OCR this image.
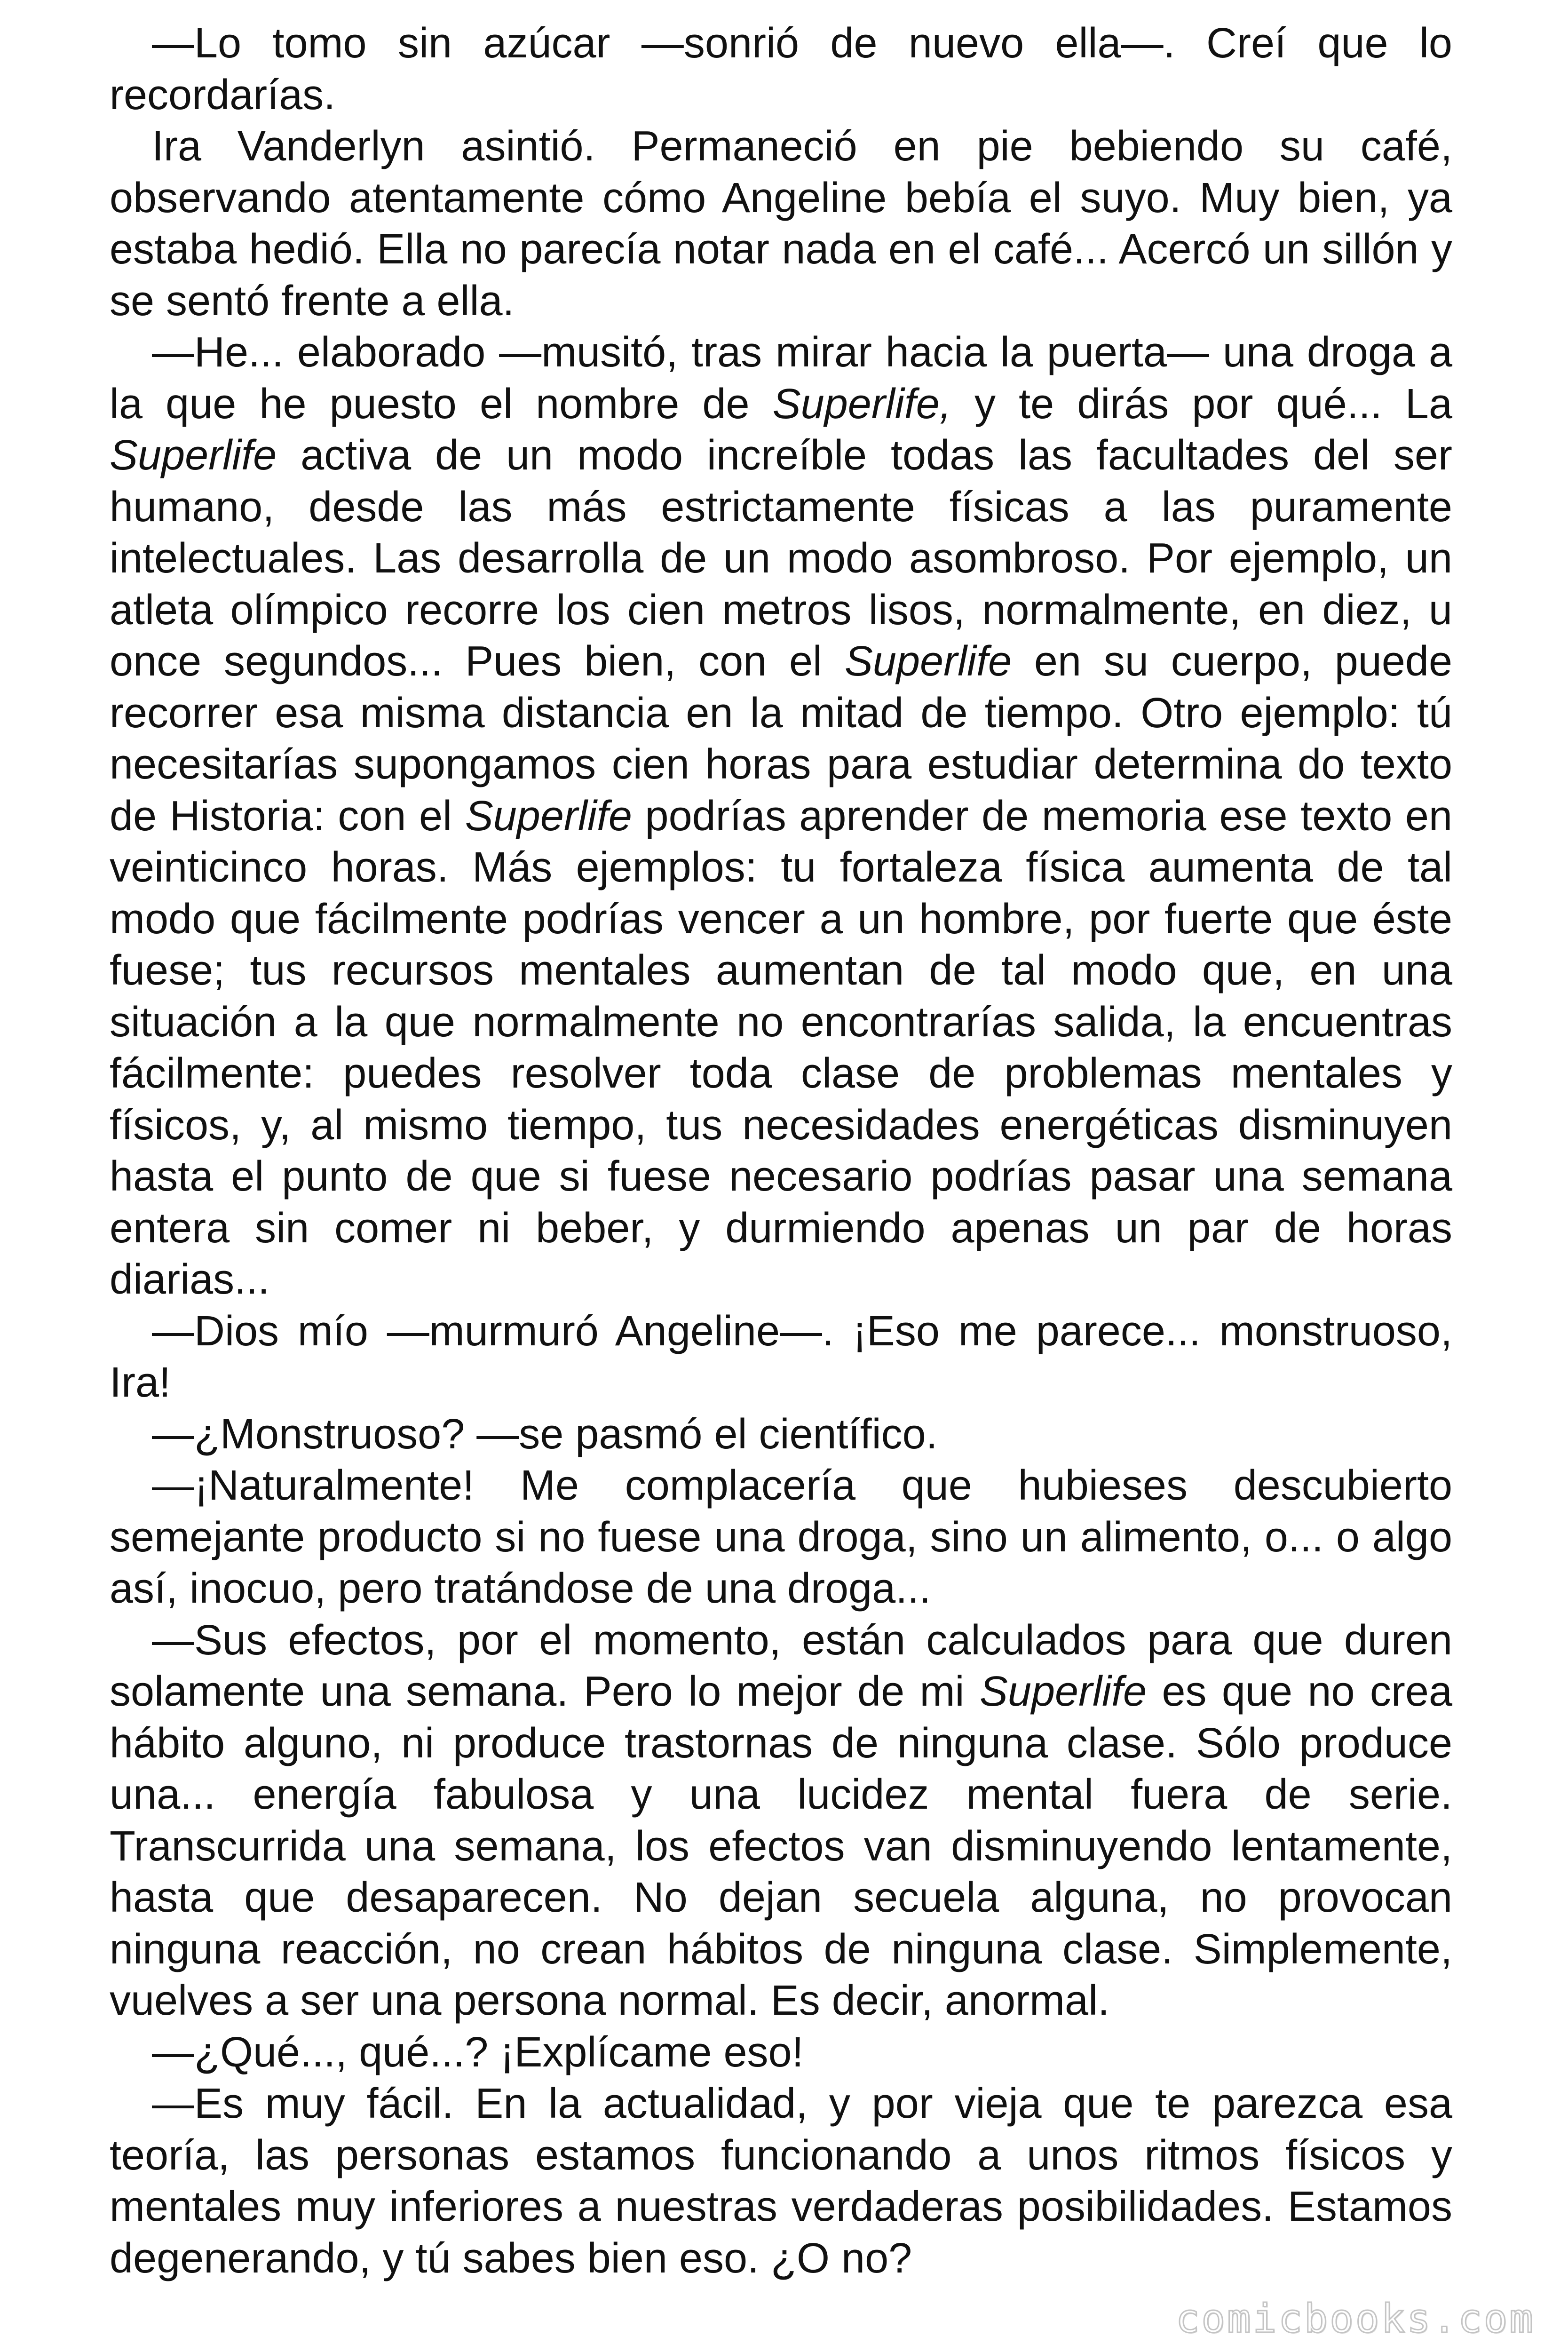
—Lo tomo sin azúcar —sonrió de nuevo ella—. Creí que lo recordarías.

Ira Vanderlyn asintió. Permaneció en pie bebiendo su café, observando atentamente cómo Angeline bebía el suyo. Muy bien, ya estaba hedió. Ella no parecía notar nada en el café... Acercó un sillón y se sentó frente a ella.

—He... elaborado —musitó, tras mirar hacia la puerta— una droga a la que he puesto el nombre de Superlife, y te dirás por qué... La Superlife activa de un modo increíble todas las facultades del ser humano, desde las más estrictamente físicas a las puramente intelectuales. Las desarrolla de un modo asombroso. Por ejemplo, un atleta olímpico recorre los cien metros lisos, normalmente, en diez, u once segundos... Pues bien, con el Superlife en su cuerpo, puede recorrer esa misma distancia en la mitad de tiempo. Otro ejemplo: tú necesitarías supongamos cien horas para estudiar determina do texto de Historia: con el Superlife podrías aprender de memoria ese texto en veinticinco horas. Más ejemplos: tu fortaleza física aumenta de tal modo que fácilmente podrías vencer a un hombre, por fuerte que éste fuese; tus recursos mentales aumentan de tal modo que, en una situación a la que normalmente no encontrarías salida, la encuentras fácilmente: puedes resolver toda clase de problemas mentales y físicos, y, al mismo tiempo, tus necesidades energéticas disminuyen hasta el punto de que si fuese necesario podrías pasar una semana entera sin comer ni beber, y durmiendo apenas un par de horas diarias...

—Dios mío —murmuró Angeline—. ¡Eso me parece... monstruoso, Ira!

—¿Monstruoso? —se pasmó el científico.

—¡Naturalmente! Me complacería que hubieses descubierto semejante producto si no fuese una droga, sino un alimento, o... o algo así, inocuo, pero tratándose de una droga...

—Sus efectos, por el momento, están calculados para que duren solamente una semana. Pero lo mejor de mi Superlife es que no crea hábito alguno, ni produce trastornas de ninguna clase. Sólo produce una... energía fabulosa y una lucidez mental fuera de serie. Transcurrida una semana, los efectos van disminuyendo lentamente, hasta que desaparecen. No dejan secuela alguna, no provocan ninguna reacción, no crean hábitos de ninguna clase. Simplemente, vuelves a ser una persona normal. Es decir, anormal.

—¿Qué..., qué...? ¡Explícame eso!

—Es muy fácil. En la actualidad, y por vieja que te parezca esa teoría, las personas estamos funcionando a unos ritmos físicos y mentales muy inferiores a nuestras verdaderas posibilidades. Estamos degenerando, y tú sabes bien eso. ¿O no?

comicbooks.com
